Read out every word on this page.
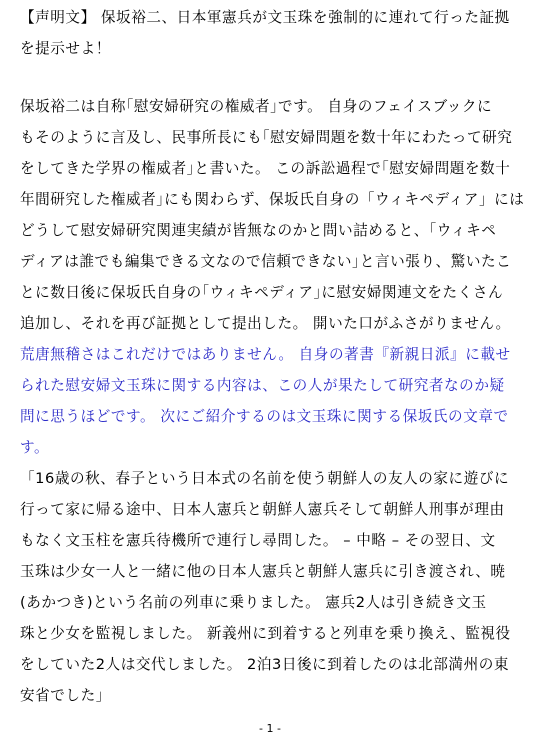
【声明文】 保坂裕二、日本軍憲兵が文玉珠を強制的に連れて行った証拠
を提示せよ！
保坂裕二は自称｢慰安婦研究の権威者｣です。 自身のフェイスブックに
もそのように言及し、民事所長にも｢慰安婦問題を数十年にわたって研究
をしてきた学界の権威者｣と書いた。 この訴訟過程で｢慰安婦問題を数十
年間研究した権威者｣にも関わらず、保坂氏自身の「ウィキペディア」には
どうして慰安婦研究関連実績が皆無なのかと問い詰めると、「ウィキペ
ディアは誰でも編集できる文なので信頼できない｣と言い張り、驚いたこ
とに数日後に保坂氏自身の｢ウィキペディア｣に慰安婦関連文をたくさん
追加し、それを再び証拠として提出した。 開いた口がふさがりません。
荒唐無稽さはこれだけではありません。 自身の著書『新親日派』に載せ
られた慰安婦文玉珠に関する内容は、この人が果たして研究者なのか疑
問に思うほどです。 次にご紹介するのは文玉珠に関する保坂氏の文章で
す。
「16歳の秋、春子という日本式の名前を使う朝鮮人の友人の家に遊びに
行って家に帰る途中、日本人憲兵と朝鮮人憲兵そして朝鮮人刑事が理由
もなく文玉柱を憲兵待機所で連行し尋問した。 – 中略 – その翌日、文
玉珠は少女一人と一緒に他の日本人憲兵と朝鮮人憲兵に引き渡され、暁
(あかつき)という名前の列車に乗りました。 憲兵2人は引き続き文玉
珠と少女を監視しました。 新義州に到着すると列車を乗り換え、監視役
をしていた2人は交代しました。 2泊3日後に到着したのは北部満州の東
安省でした」
- 1 -
